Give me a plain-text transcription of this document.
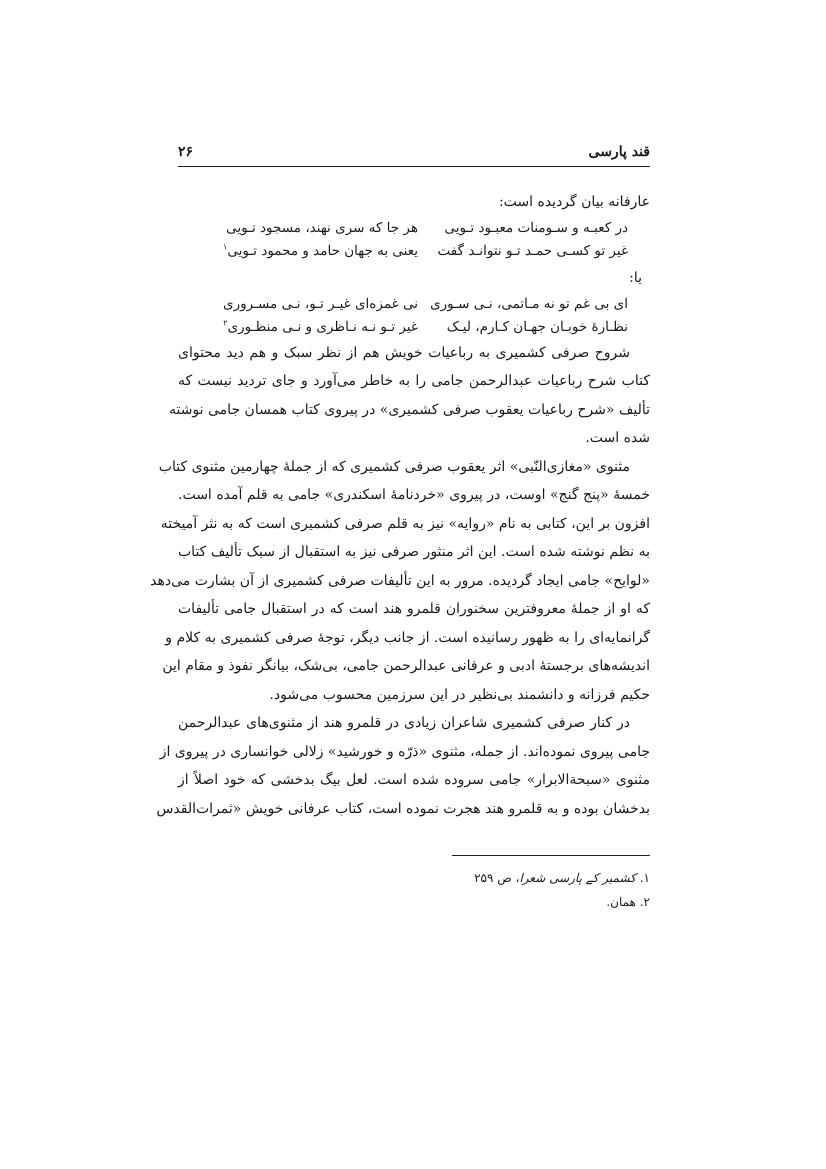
قند پارسی
۲۶
عارفانه بیان گردیده است:
در کعبـه و سـومنات معبـود تـویی
هر جا که سری نهند، مسجود تـویی
غیر تو کسـی حمـد تـو نتوانـد گفت
یعنی به جهان حامد و محمود تـویی$^۱$
یا:
ای بی غم تو نه مـاتمی، نـی سـوری
نی غمزه‌ای غیـر تـو، نـی مسـروری
نظـارهٔ خوبـان جهـان کـارم، لیـک
غیر تـو نـه نـاظری و نـی منظـوری$^۲$
شروح صرفی کشمیری به رباعیات خویش هم از نظر سبک و هم دید محتوای
کتاب شرح رباعیات عبدالرحمن جامی را به خاطر می‌آورد و جای تردید نیست که
تألیف «شرح رباعیات یعقوب صرفی کشمیری» در پیروی کتاب همسان جامی نوشته
شده است.
مثنوی «مغازی‌النّبی» اثر یعقوب صرفی کشمیری که از جملهٔ چهارمین مثنوی کتاب
خمسهٔ «پنج گنج» اوست، در پیروی «خردنامهٔ اسکندری» جامی به قلم آمده است.
افزون بر این، کتابی به نام «روایه» نیز به قلم صرفی کشمیری است که به نثر آمیخته
به نظم نوشته شده است. این اثر منثور صرفی نیز به استقبال از سبک تألیف کتاب
«لوایح» جامی ایجاد گردیده. مرور به این تألیفات صرفی کشمیری از آن بشارت می‌دهد
که او از جملهٔ معروفترین سخنوران قلمرو هند است که در استقبال جامی تألیفات
گرانمایه‌ای را به ظهور رسانیده است. از جانب دیگر، توجهٔ صرفی کشمیری به کلام و
اندیشه‌های برجستهٔ ادبی و عرفانی عبدالرحمن جامی، بی‌شک، بیانگر نفوذ و مقام این
حکیم فرزانه و دانشمند بی‌نظیر در این سرزمین محسوب می‌شود.
در کنار صرفی کشمیری شاعران زیادی در قلمرو هند از مثنوی‌های عبدالرحمن
جامی پیروی نموده‌اند. از جمله، مثنوی «ذرّه و خورشید» زلالی خوانساری در پیروی از
مثنوی «سبحةالابرار» جامی سروده شده است. لعل بیگ بدخشی که خود اصلاً از
بدخشان بوده و به قلمرو هند هجرت نموده است، کتاب عرفانی خویش «ثمرات‌القدس
۱. کشمیر کے پارسی شعرا، ص ۲۵۹
۲. همان.
